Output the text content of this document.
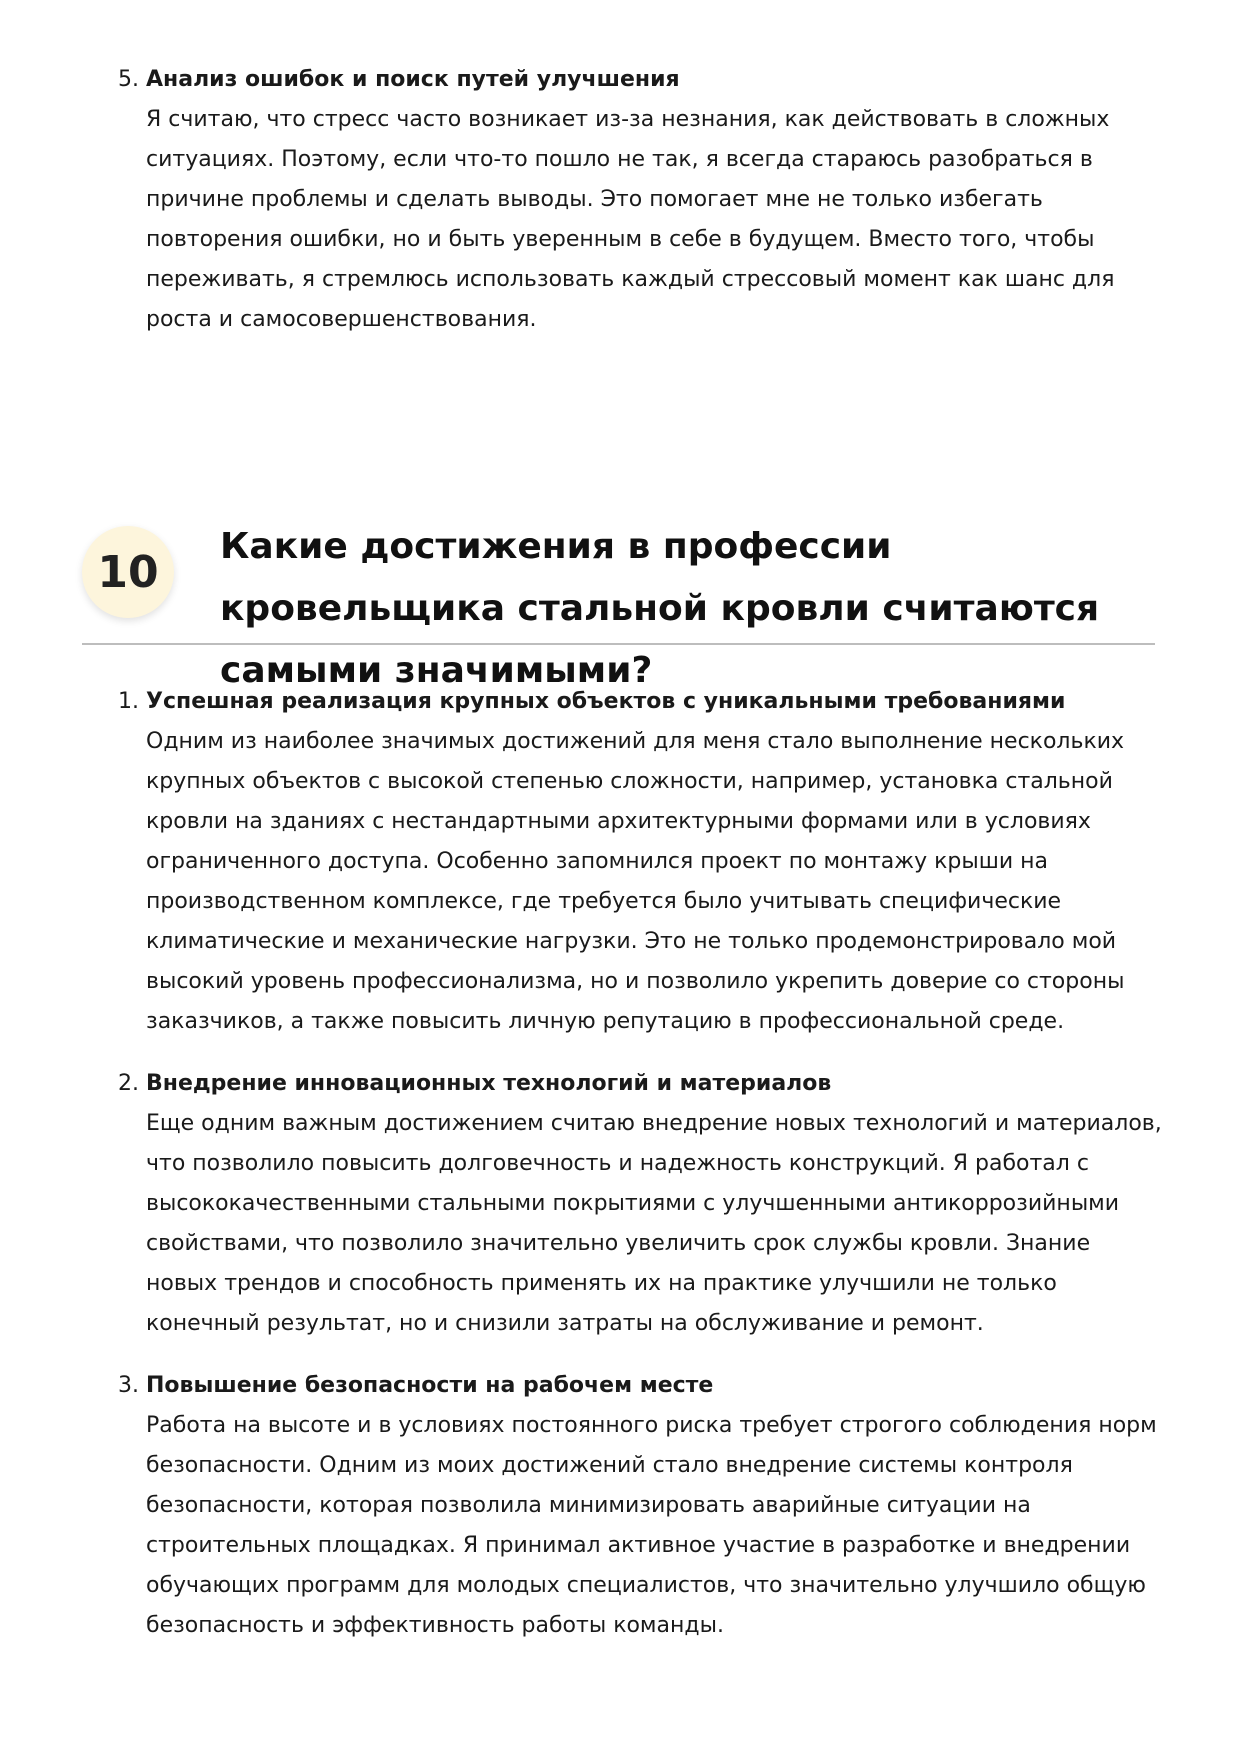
5. Анализ ошибок и поиск путей улучшения
Я считаю, что стресс часто возникает из-за незнания, как действовать в сложных ситуациях. Поэтому, если что-то пошло не так, я всегда стараюсь разобраться в причине проблемы и сделать выводы. Это помогает мне не только избегать повторения ошибки, но и быть уверенным в себе в будущем. Вместо того, чтобы переживать, я стремлюсь использовать каждый стрессовый момент как шанс для роста и самосовершенствования.
10 Какие достижения в профессии кровельщика стальной кровли считаются самыми значимыми?
1. Успешная реализация крупных объектов с уникальными требованиями
Одним из наиболее значимых достижений для меня стало выполнение нескольких крупных объектов с высокой степенью сложности, например, установка стальной кровли на зданиях с нестандартными архитектурными формами или в условиях ограниченного доступа. Особенно запомнился проект по монтажу крыши на производственном комплексе, где требуется было учитывать специфические климатические и механические нагрузки. Это не только продемонстрировало мой высокий уровень профессионализма, но и позволило укрепить доверие со стороны заказчиков, а также повысить личную репутацию в профессиональной среде.
2. Внедрение инновационных технологий и материалов
Еще одним важным достижением считаю внедрение новых технологий и материалов, что позволило повысить долговечность и надежность конструкций. Я работал с высококачественными стальными покрытиями с улучшенными антикоррозийными свойствами, что позволило значительно увеличить срок службы кровли. Знание новых трендов и способность применять их на практике улучшили не только конечный результат, но и снизили затраты на обслуживание и ремонт.
3. Повышение безопасности на рабочем месте
Работа на высоте и в условиях постоянного риска требует строгого соблюдения норм безопасности. Одним из моих достижений стало внедрение системы контроля безопасности, которая позволила минимизировать аварийные ситуации на строительных площадках. Я принимал активное участие в разработке и внедрении обучающих программ для молодых специалистов, что значительно улучшило общую безопасность и эффективность работы команды.
